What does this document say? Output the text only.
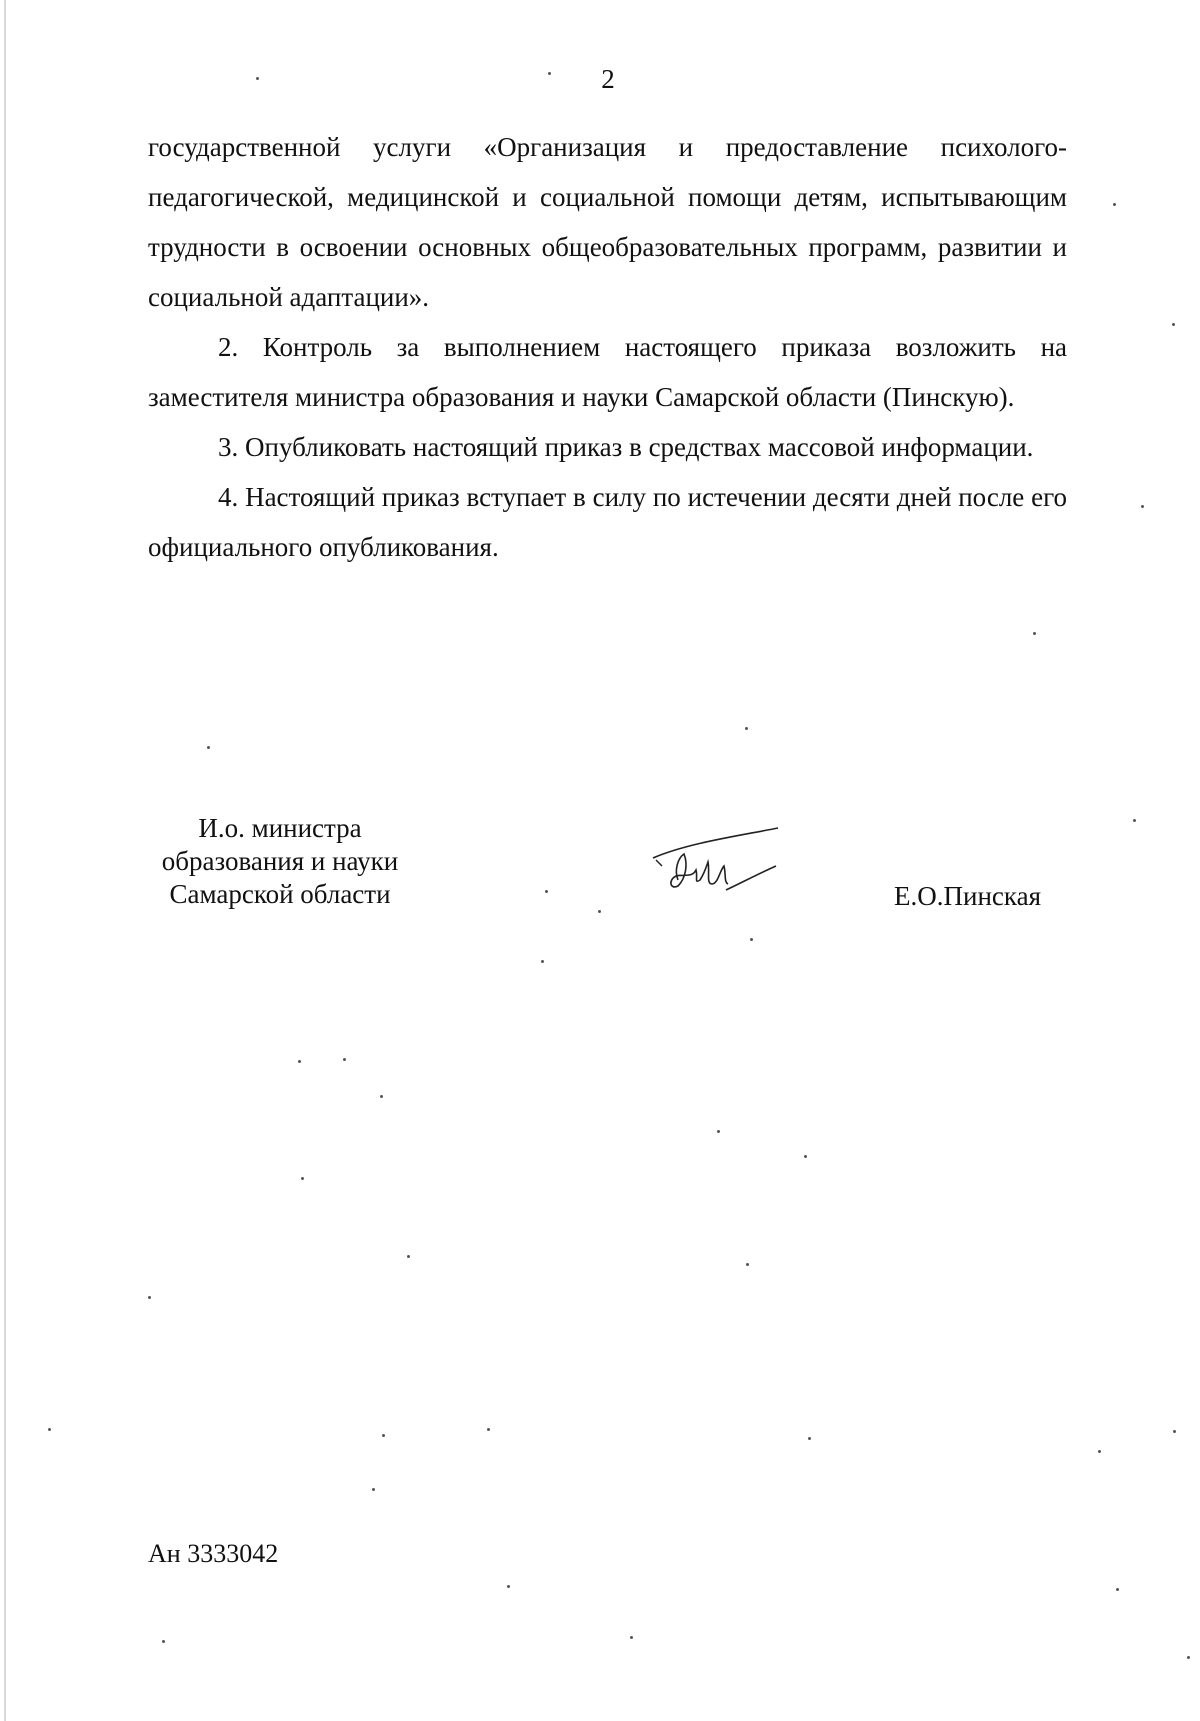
2

государственной услуги «Организация и предоставление психолого-педагогической, медицинской и социальной помощи детям, испытывающим трудности в освоении основных общеобразовательных программ, развитии и социальной адаптации».

2. Контроль за выполнением настоящего приказа возложить на заместителя министра образования и науки Самарской области (Пинскую).

3. Опубликовать настоящий приказ в средствах массовой информации.

4. Настоящий приказ вступает в силу по истечении десяти дней после его официального опубликования.

И.о. министра
образования и науки
Самарской области	Е.О.Пинская
Ан 3333042
